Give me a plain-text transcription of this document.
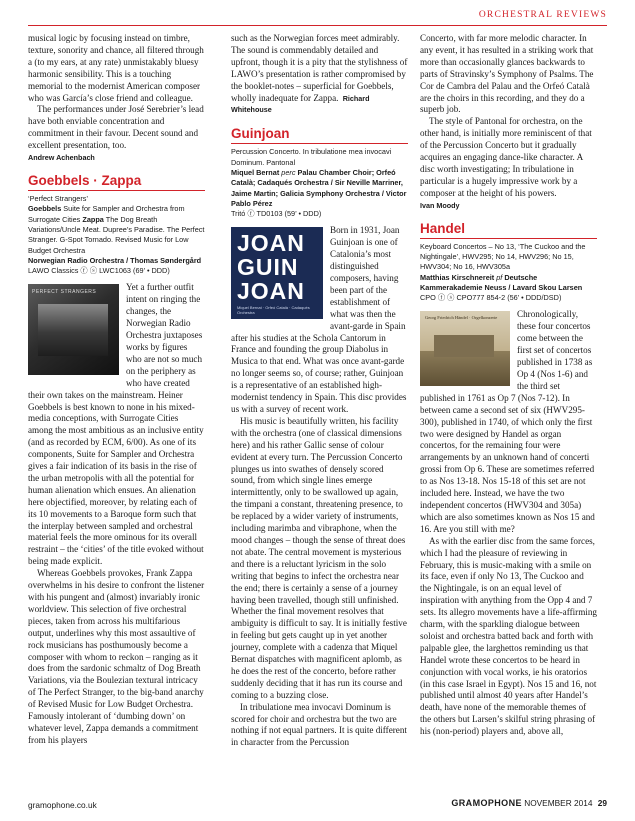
ORCHESTRAL REVIEWS

musical logic by focusing instead on timbre, texture, sonority and chance, all filtered through a (to my ears, at any rate) unmistakably bluesy harmonic sensibility. This is a touching memorial to the modernist American composer who was García’s close friend and colleague.

The performances under José Serebrier’s lead have both enviable concentration and commitment in their favour. Decent sound and excellent presentation, too.

Andrew Achenbach
Goebbels · Zappa
‘Perfect Strangers’
Goebbels Suite for Sampler and Orchestra from Surrogate Cities Zappa The Dog Breath Variations/Uncle Meat. Dupree’s Paradise. The Perfect Stranger. G-Spot Tornado. Revised Music for Low Budget Orchestra
Norwegian Radio Orchestra / Thomas Søndergård
LAWO Classics ⓕ ⓢ LWC1063 (69’ • DDD)
PERFECT STRANGERS	Yet a further outfit intent on ringing the changes, the Norwegian Radio Orchestra juxtaposes works by figures who are not so much on the periphery as who have created their own takes on the mainstream. Heiner Goebbels is best known to none in his mixed-media conceptions, with Surrogate Cities among the most ambitious as an inclusive entity (and as recorded by ECM, 6/00). As one of its components, Suite for Sampler and Orchestra gives a fair indication of its basis in the rise of the urban metropolis with all the potential for human alienation which ensues. An alienation here objectified, moreover, by relating each of its 10 movements to a Baroque form such that the interplay between sampled and orchestral material feels the more ominous for its overall restraint – the ‘cities’ of the title evoked without being made explicit.

Whereas Goebbels provokes, Frank Zappa overwhelms in his desire to confront the listener with his pungent and (almost) invariably ironic worldview. This selection of five orchestral pieces, taken from across his multifarious output, underlines why this most assaultive of rock musicians has posthumously become a composer with whom to reckon – ranging as it does from the sardonic schmaltz of Dog Breath Variations, via the Boulezian textural intricacy of The Perfect Stranger, to the big-band anarchy of Revised Music for Low Budget Orchestra. Famously intolerant of ‘dumbing down’ on whatever level, Zappa demands a commitment from his players

such as the Norwegian forces meet admirably. The sound is commendably detailed and upfront, though it is a pity that the stylishness of LAWO’s presentation is rather compromised by the booklet-notes – superficial for Goebbels, wholly inadequate for Zappa. Richard Whitehouse

Guinjoan
Percussion Concerto. In tribulatione mea invocavi Dominum. Pantonal
Miquel Bernat perc Palau Chamber Choir; Orfeó Català; Cadaqués Orchestra / Sir Neville Marriner, Jaime Martin; Galicia Symphony Orchestra / Victor Pablo Pérez
Tritó ⓕ TD0103 (59’ • DDD)
JOAN
GUIN
JOAN
Miquel Bernat · Orfeó Català · Cadaqués Orchestra

Born in 1931, Joan Guinjoan is one of Catalonia’s most distinguished composers, having been part of the establishment of what was then the avant-garde in Spain after his studies at the Schola Cantorum in France and founding the group Diabolus in Musica to that end. What was once avant-garde no longer seems so, of course; rather, Guinjoan is a representative of an established high-modernist tendency in Spain. This disc provides us with a survey of recent work.

His music is beautifully written, his facility with the orchestra (one of classical dimensions here) and his rather Gallic sense of colour evident at every turn. The Percussion Concerto plunges us into swathes of densely scored sound, from which single lines emerge intermittently, only to be swallowed up again, the timpani a constant, threatening presence, to be replaced by a wider variety of instruments, including marimba and vibraphone, when the mood changes – though the sense of threat does not abate. The central movement is mysterious and there is a reluctant lyricism in the solo writing that begins to infect the orchestra near the end; there is certainly a sense of a journey having been travelled, though still unfinished. Whether the final movement resolves that ambiguity is difficult to say. It is initially festive in feeling but gets caught up in yet another journey, complete with a cadenza that Miquel Bernat dispatches with magnificent aplomb, as he does the rest of the concerto, before rather suddenly deciding that it has run its course and coming to a buzzing close.

In tribulatione mea invocavi Dominum is scored for choir and orchestra but the two are nothing if not equal partners. It is quite different in character from the Percussion

Concerto, with far more melodic character. In any event, it has resulted in a striking work that more than occasionally glances backwards to parts of Stravinsky’s Symphony of Psalms. The Cor de Cambra del Palau and the Orfeó Català are the choirs in this recording, and they do a superb job.

The style of Pantonal for orchestra, on the other hand, is initially more reminiscent of that of the Percussion Concerto but it gradually acquires an engaging dance-like character. A disc worth investigating; In tribulatione in particular is a hugely impressive work by a composer at the height of his powers.

Ivan Moody
Handel
Keyboard Concertos – No 13, ‘The Cuckoo and the Nightingale’, HWV295; No 14, HWV296; No 15, HWV304; No 16, HWV305a
Matthias Kirschnereit pf Deutsche Kammerakademie Neuss / Lavard Skou Larsen
CPO ⓕ ⓢ CPO777 854-2 (56’ • DDD/DSD)
Georg Friedrich Händel · Orgelkonzerte	Chronologically, these four concertos come between the first set of concertos published in 1738 as Op 4 (Nos 1-6) and the third set published in 1761 as Op 7 (Nos 7-12). In between came a second set of six (HWV295-300), published in 1740, of which only the first two were designed by Handel as organ concertos, for the remaining four were arrangements by an unknown hand of concerti grossi from Op 6. These are sometimes referred to as Nos 13-18. Nos 15-18 of this set are not included here. Instead, we have the two independent concertos (HWV304 and 305a) which are also sometimes known as Nos 15 and 16. Are you still with me?

As with the earlier disc from the same forces, which I had the pleasure of reviewing in February, this is music-making with a smile on its face, even if only No 13, The Cuckoo and the Nightingale, is on an equal level of inspiration with anything from the Opp 4 and 7 sets. Its allegro movements have a life-affirming charm, with the sparkling dialogue between soloist and orchestra batted back and forth with palpable glee, the larghettos reminding us that Handel wrote these concertos to be heard in conjunction with vocal works, ie his oratorios (in this case Israel in Egypt). Nos 15 and 16, not published until almost 40 years after Handel’s death, have none of the memorable themes of the others but Larsen’s skilful string phrasing of his (non-period) players and, above all,

gramophone.co.uk	GRAMOPHONE NOVEMBER 2014 29
